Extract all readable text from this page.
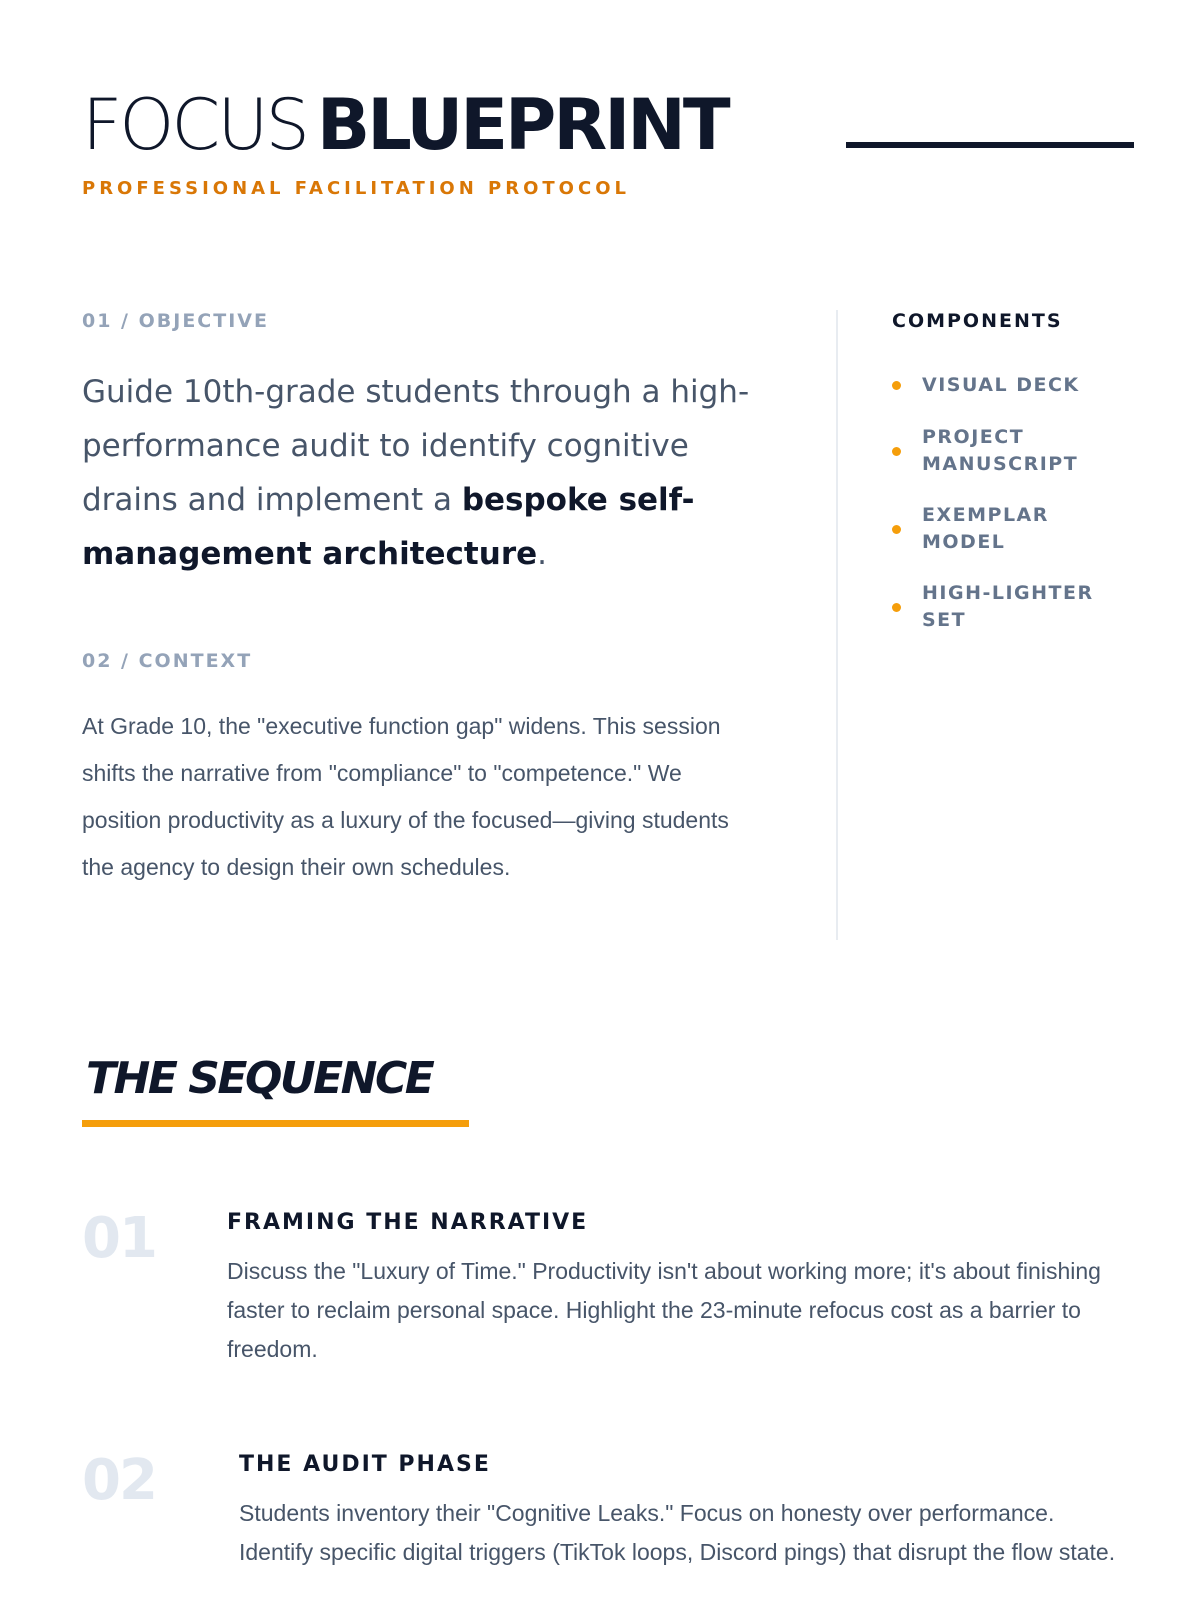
FOCUS BLUEPRINT
PROFESSIONAL FACILITATION PROTOCOL
01 / OBJECTIVE
Guide 10th-grade students through a high-performance audit to identify cognitive drains and implement a bespoke self-management architecture.
02 / CONTEXT
At Grade 10, the "executive function gap" widens. This session shifts the narrative from "compliance" to "competence." We position productivity as a luxury of the focused—giving students the agency to design their own schedules.
COMPONENTS
VISUAL DECK
PROJECT MANUSCRIPT
EXEMPLAR MODEL
HIGH-LIGHTER SET
THE SEQUENCE
01	FRAMING THE NARRATIVE
Discuss the "Luxury of Time." Productivity isn't about working more; it's about finishing faster to reclaim personal space. Highlight the 23-minute refocus cost as a barrier to freedom.
02	THE AUDIT PHASE
Students inventory their "Cognitive Leaks." Focus on honesty over performance. Identify specific digital triggers (TikTok loops, Discord pings) that disrupt the flow state.
